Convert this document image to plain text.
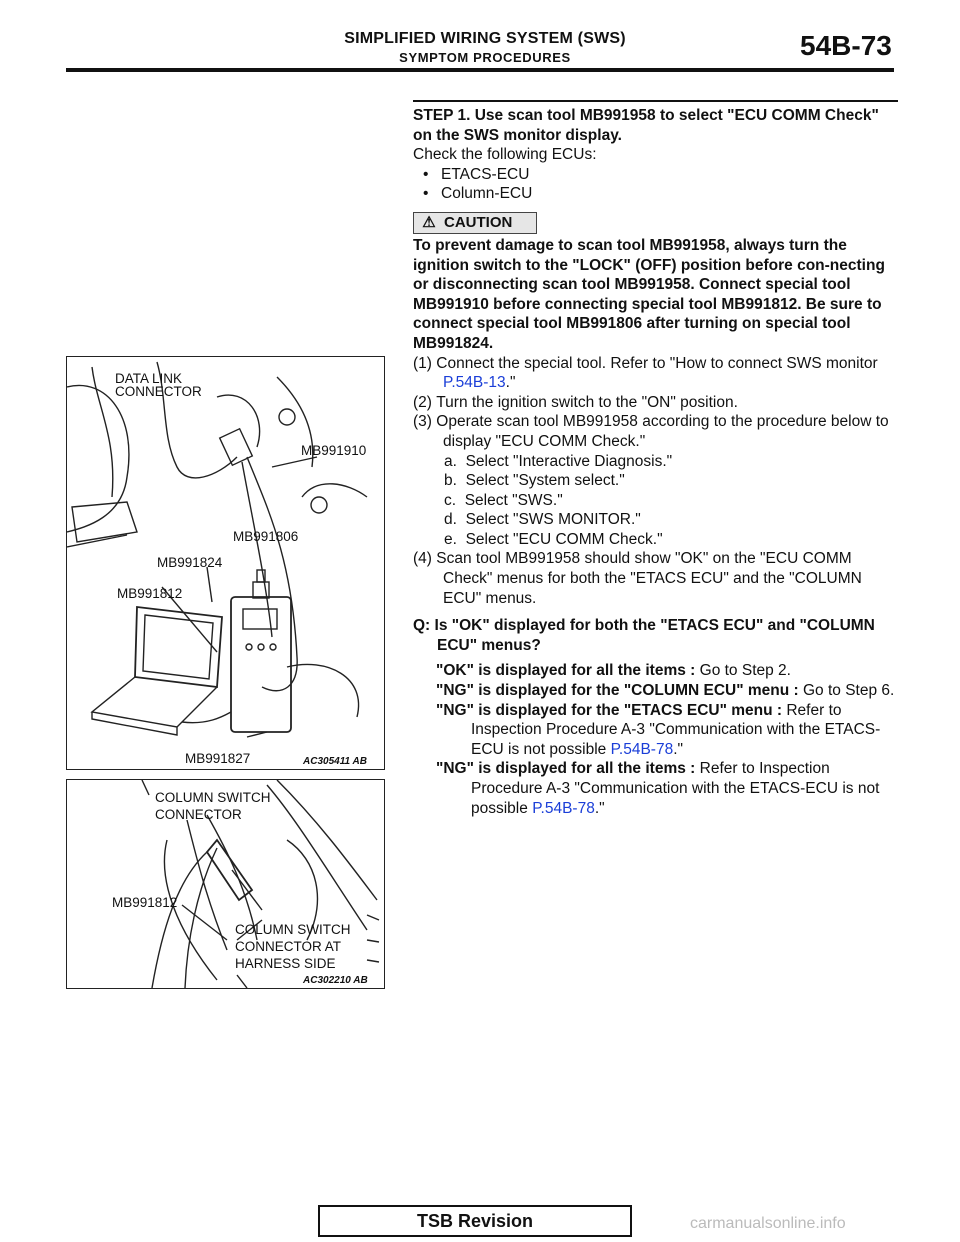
SIMPLIFIED WIRING SYSTEM (SWS)
SYMPTOM PROCEDURES	54B-73

STEP 1. Use scan tool MB991958 to select "ECU COMM Check" on the SWS monitor display.

Check the following ECUs:

• ETACS-ECU
• Column-ECU
⚠ CAUTION

To prevent damage to scan tool MB991958, always turn the ignition switch to the "LOCK" (OFF) position before con-necting or disconnecting scan tool MB991958. Connect special tool MB991910 before connecting special tool MB991812. Be sure to connect special tool MB991806 after turning on special tool MB991824.

(1) Connect the special tool. Refer to "How to connect SWS monitor P.54B-13."
(2) Turn the ignition switch to the "ON" position.
(3) Operate scan tool MB991958 according to the procedure below to display "ECU COMM Check."
a. Select "Interactive Diagnosis."
b. Select "System select."
c. Select "SWS."
d. Select "SWS MONITOR."
e. Select "ECU COMM Check."
(4) Scan tool MB991958 should show "OK" on the "ECU COMM Check" menus for both the "ETACS ECU" and the "COLUMN ECU" menus.
Q: Is "OK" displayed for both the "ETACS ECU" and "COLUMN ECU" menus?
"OK" is displayed for all the items : Go to Step 2.
"NG" is displayed for the "COLUMN ECU" menu : Go to Step 6.
"NG" is displayed for the "ETACS ECU" menu : Refer to Inspection Procedure A-3 "Communication with the ETACS-ECU is not possible P.54B-78."
"NG" is displayed for all the items : Refer to Inspection Procedure A-3 "Communication with the ETACS-ECU is not possible P.54B-78."
DATA LINK
CONNECTOR
MB991910
MB991806
MB991824
MB991812
MB991827	AC305411 AB
COLUMN SWITCH
CONNECTOR
MB991812
COLUMN SWITCH
CONNECTOR AT
HARNESS SIDE
AC302210 AB
TSB Revision	carmanualsonline.info
